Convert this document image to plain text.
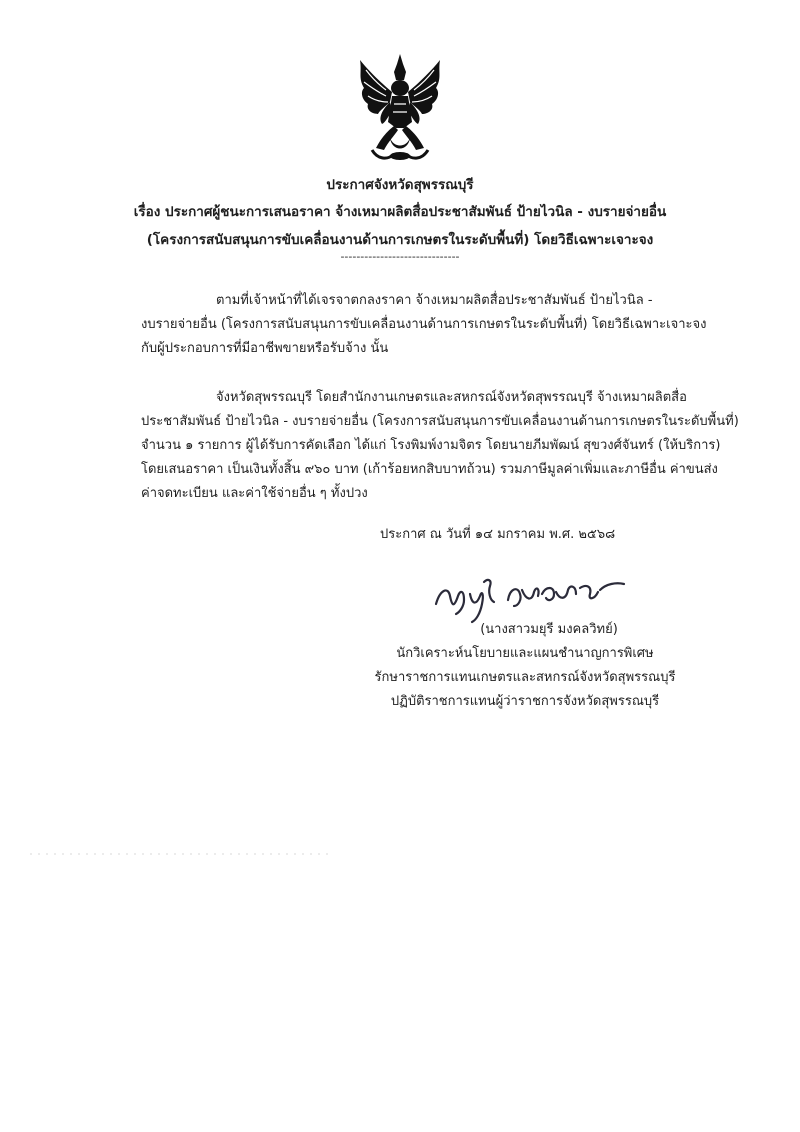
ประกาศจังหวัดสุพรรณบุรี
เรื่อง ประกาศผู้ชนะการเสนอราคา จ้างเหมาผลิตสื่อประชาสัมพันธ์ ป้ายไวนิล - งบรายจ่ายอื่น
(โครงการสนับสนุนการขับเคลื่อนงานด้านการเกษตรในระดับพื้นที่) โดยวิธีเฉพาะเจาะจง
------------------------------
ตามที่เจ้าหน้าที่ได้เจรจาตกลงราคา จ้างเหมาผลิตสื่อประชาสัมพันธ์ ป้ายไวนิล -
งบรายจ่ายอื่น (โครงการสนับสนุนการขับเคลื่อนงานด้านการเกษตรในระดับพื้นที่) โดยวิธีเฉพาะเจาะจง
กับผู้ประกอบการที่มีอาชีพขายหรือรับจ้าง นั้น
จังหวัดสุพรรณบุรี โดยสำนักงานเกษตรและสหกรณ์จังหวัดสุพรรณบุรี จ้างเหมาผลิตสื่อ
ประชาสัมพันธ์ ป้ายไวนิล - งบรายจ่ายอื่น (โครงการสนับสนุนการขับเคลื่อนงานด้านการเกษตรในระดับพื้นที่)
จำนวน ๑ รายการ ผู้ได้รับการคัดเลือก ได้แก่ โรงพิมพ์งามจิตร โดยนายภีมพัฒน์ สุขวงศ์จันทร์ (ให้บริการ)
โดยเสนอราคา เป็นเงินทั้งสิ้น ๙๖๐ บาท (เก้าร้อยหกสิบบาทถ้วน) รวมภาษีมูลค่าเพิ่มและภาษีอื่น ค่าขนส่ง
ค่าจดทะเบียน และค่าใช้จ่ายอื่น ๆ ทั้งปวง
ประกาศ ณ วันที่ ๑๔ มกราคม พ.ศ. ๒๕๖๘
(นางสาวมยุรี มงคลวิทย์)
นักวิเคราะห์นโยบายและแผนชำนาญการพิเศษ
รักษาราชการแทนเกษตรและสหกรณ์จังหวัดสุพรรณบุรี
ปฏิบัติราชการแทนผู้ว่าราชการจังหวัดสุพรรณบุรี
